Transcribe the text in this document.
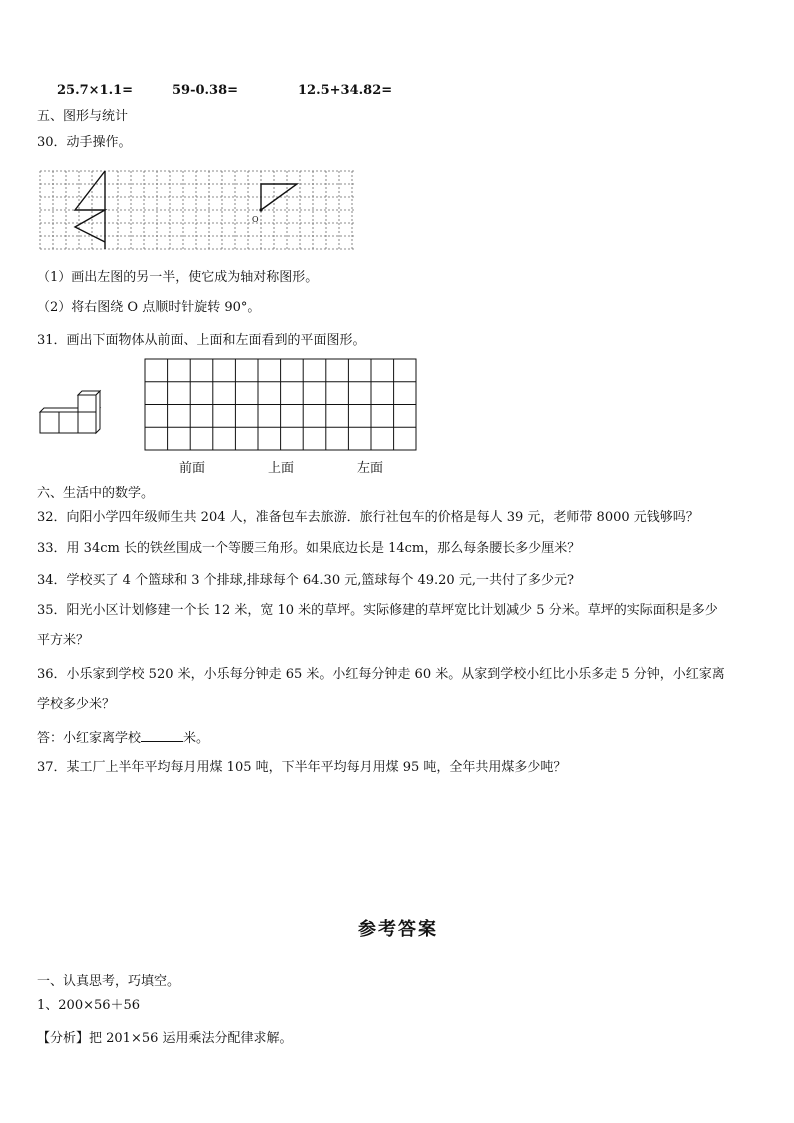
25.7×1.1=	59-0.38=	12.5+34.82=
五、图形与统计
30．动手操作。
O
（1）画出左图的另一半，使它成为轴对称图形。
（2）将右图绕 O 点顺时针旋转 90°。
31．画出下面物体从前面、上面和左面看到的平面图形。
前面	上面	左面
六、生活中的数学。
32．向阳小学四年级师生共 204 人，准备包车去旅游．旅行社包车的价格是每人 39 元，老师带 8000 元钱够吗？
33．用 34cm 长的铁丝围成一个等腰三角形。如果底边长是 14cm，那么每条腰长多少厘米？
34．学校买了 4 个篮球和 3 个排球,排球每个 64.30 元,篮球每个 49.20 元,一共付了多少元?
35．阳光小区计划修建一个长 12 米，宽 10 米的草坪。实际修建的草坪宽比计划减少 5 分米。草坪的实际面积是多少
平方米？
36．小乐家到学校 520 米，小乐每分钟走 65 米。小红每分钟走 60 米。从家到学校小红比小乐多走 5 分钟，小红家离
学校多少米？
答：小红家离学校	米。
37．某工厂上半年平均每月用煤 105 吨，下半年平均每月用煤 95 吨，全年共用煤多少吨？
参考答案
一、认真思考，巧填空。
1、200×56＋56
【分析】把 201×56 运用乘法分配律求解。
